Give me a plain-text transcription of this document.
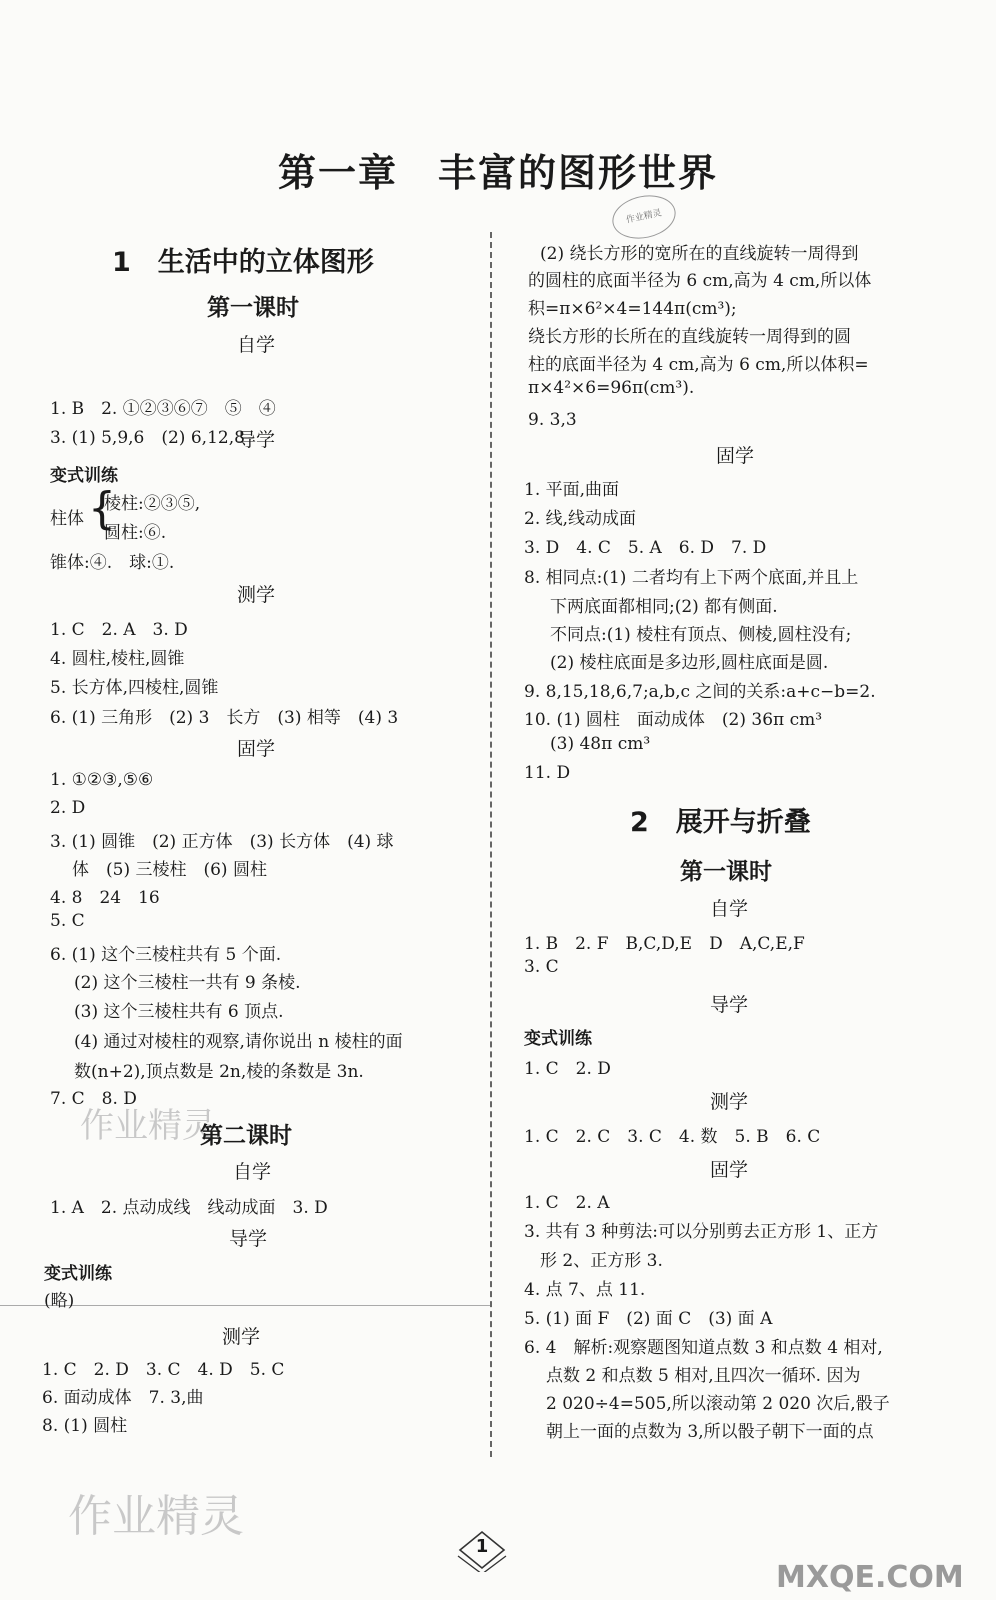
第一章　丰富的图形世界
作业精灵
1　生活中的立体图形
第一课时
自学
1. B　2. ①②③⑥⑦　⑤　④
3. (1) 5,9,6　(2) 6,12,8
导学
变式训练
柱体 {
棱柱:②③⑤,
圆柱:⑥.
锥体:④.　球:①.
测学
1. C　2. A　3. D
4. 圆柱,棱柱,圆锥
5. 长方体,四棱柱,圆锥
6. (1) 三角形　(2) 3　长方　(3) 相等　(4) 3
固学
1. ①②③,⑤⑥
2. D
3. (1) 圆锥　(2) 正方体　(3) 长方体　(4) 球
体　(5) 三棱柱　(6) 圆柱
4. 8　24　16
5. C
6. (1) 这个三棱柱共有 5 个面.
(2) 这个三棱柱一共有 9 条棱.
(3) 这个三棱柱共有 6 顶点.
(4) 通过对棱柱的观察,请你说出 n 棱柱的面
数(n+2),顶点数是 2n,棱的条数是 3n.
7. C　8. D
作业精灵
第二课时
自学
1. A　2. 点动成线　线动成面　3. D
导学
变式训练
(略)
测学
1. C　2. D　3. C　4. D　5. C
6. 面动成体　7. 3,曲
8. (1) 圆柱
(2) 绕长方形的宽所在的直线旋转一周得到
的圆柱的底面半径为 6 cm,高为 4 cm,所以体
积=π×6²×4=144π(cm³);
绕长方形的长所在的直线旋转一周得到的圆
柱的底面半径为 4 cm,高为 6 cm,所以体积=
π×4²×6=96π(cm³).
9. 3,3
固学
1. 平面,曲面
2. 线,线动成面
3. D　4. C　5. A　6. D　7. D
8. 相同点:(1) 二者均有上下两个底面,并且上
下两底面都相同;(2) 都有侧面.
不同点:(1) 棱柱有顶点、侧棱,圆柱没有;
(2) 棱柱底面是多边形,圆柱底面是圆.
9. 8,15,18,6,7;a,b,c 之间的关系:a+c−b=2.
10. (1) 圆柱　面动成体　(2) 36π cm³
(3) 48π cm³
11. D
2　展开与折叠
第一课时
自学
1. B　2. F　B,C,D,E　D　A,C,E,F
3. C
导学
变式训练
1. C　2. D
测学
1. C　2. C　3. C　4. 数　5. B　6. C
固学
1. C　2. A
3. 共有 3 种剪法:可以分别剪去正方形 1、正方
形 2、正方形 3.
4. 点 7、点 11.
5. (1) 面 F　(2) 面 C　(3) 面 A
6. 4　解析:观察题图知道点数 3 和点数 4 相对,
点数 2 和点数 5 相对,且四次一循环. 因为
2 020÷4=505,所以滚动第 2 020 次后,骰子
朝上一面的点数为 3,所以骰子朝下一面的点
作业精灵
1
MXQE.COM
